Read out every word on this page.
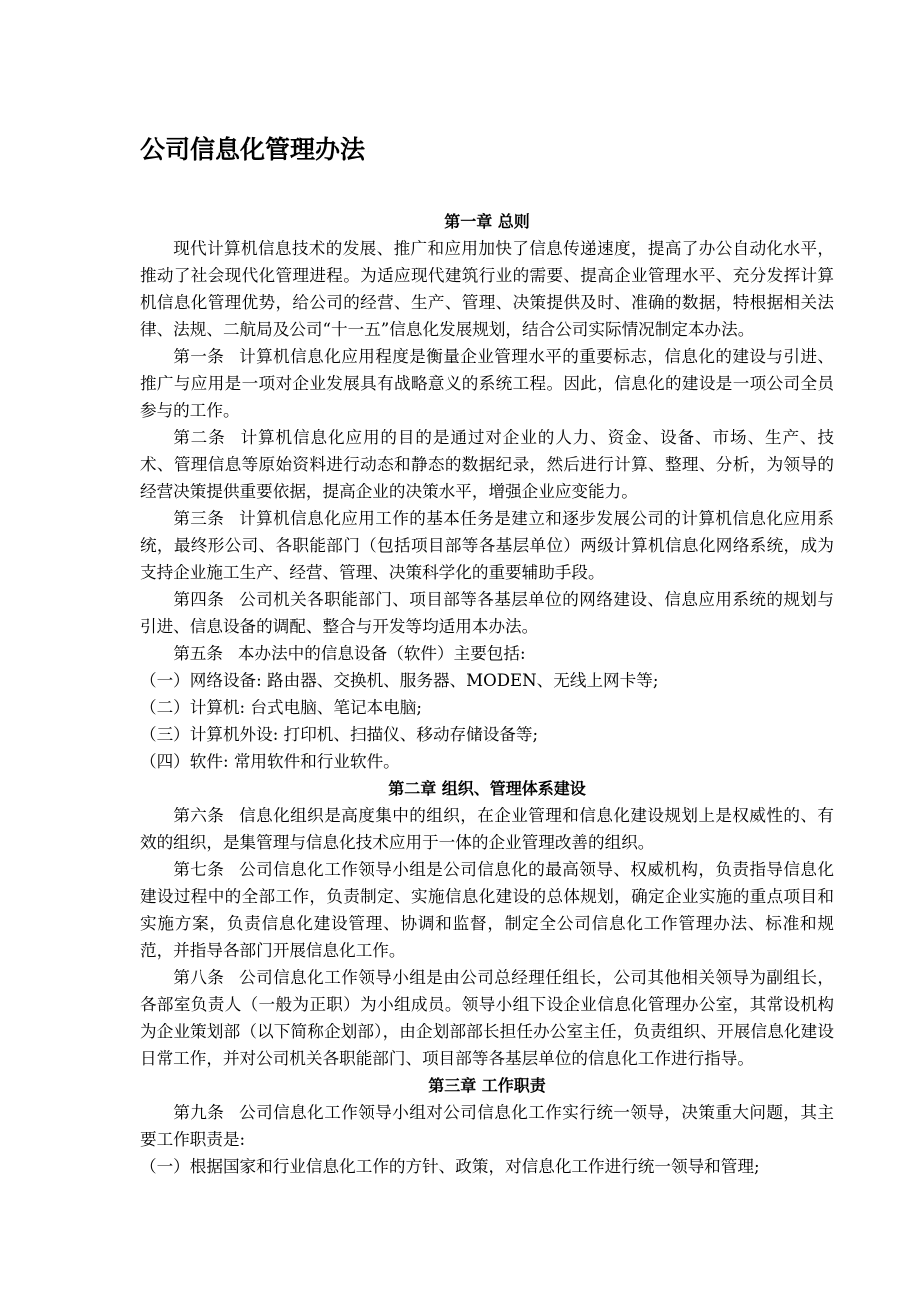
公司信息化管理办法
第一章 总则

现代计算机信息技术的发展、推广和应用加快了信息传递速度，提高了办公自动化水平，推动了社会现代化管理进程。为适应现代建筑行业的需要、提高企业管理水平、充分发挥计算机信息化管理优势，给公司的经营、生产、管理、决策提供及时、准确的数据，特根据相关法律、法规、二航局及公司“十一五”信息化发展规划，结合公司实际情况制定本办法。

第一条 计算机信息化应用程度是衡量企业管理水平的重要标志，信息化的建设与引进、推广与应用是一项对企业发展具有战略意义的系统工程。因此，信息化的建设是一项公司全员参与的工作。

第二条 计算机信息化应用的目的是通过对企业的人力、资金、设备、市场、生产、技术、管理信息等原始资料进行动态和静态的数据纪录，然后进行计算、整理、分析，为领导的经营决策提供重要依据，提高企业的决策水平，增强企业应变能力。

第三条 计算机信息化应用工作的基本任务是建立和逐步发展公司的计算机信息化应用系统，最终形公司、各职能部门（包括项目部等各基层单位）两级计算机信息化网络系统，成为支持企业施工生产、经营、管理、决策科学化的重要辅助手段。

第四条 公司机关各职能部门、项目部等各基层单位的网络建设、信息应用系统的规划与引进、信息设备的调配、整合与开发等均适用本办法。

第五条 本办法中的信息设备（软件）主要包括:

（一）网络设备: 路由器、交换机、服务器、MODEN、无线上网卡等;

（二）计算机: 台式电脑、笔记本电脑;

（三）计算机外设: 打印机、扫描仪、移动存储设备等;

（四）软件: 常用软件和行业软件。

第二章 组织、管理体系建设

第六条 信息化组织是高度集中的组织，在企业管理和信息化建设规划上是权威性的、有效的组织，是集管理与信息化技术应用于一体的企业管理改善的组织。

第七条 公司信息化工作领导小组是公司信息化的最高领导、权威机构，负责指导信息化建设过程中的全部工作，负责制定、实施信息化建设的总体规划，确定企业实施的重点项目和实施方案，负责信息化建设管理、协调和监督，制定全公司信息化工作管理办法、标准和规范，并指导各部门开展信息化工作。

第八条 公司信息化工作领导小组是由公司总经理任组长，公司其他相关领导为副组长，各部室负责人（一般为正职）为小组成员。领导小组下设企业信息化管理办公室，其常设机构为企业策划部（以下简称企划部），由企划部部长担任办公室主任，负责组织、开展信息化建设日常工作，并对公司机关各职能部门、项目部等各基层单位的信息化工作进行指导。

第三章 工作职责

第九条 公司信息化工作领导小组对公司信息化工作实行统一领导，决策重大问题，其主要工作职责是:

（一）根据国家和行业信息化工作的方针、政策，对信息化工作进行统一领导和管理;
